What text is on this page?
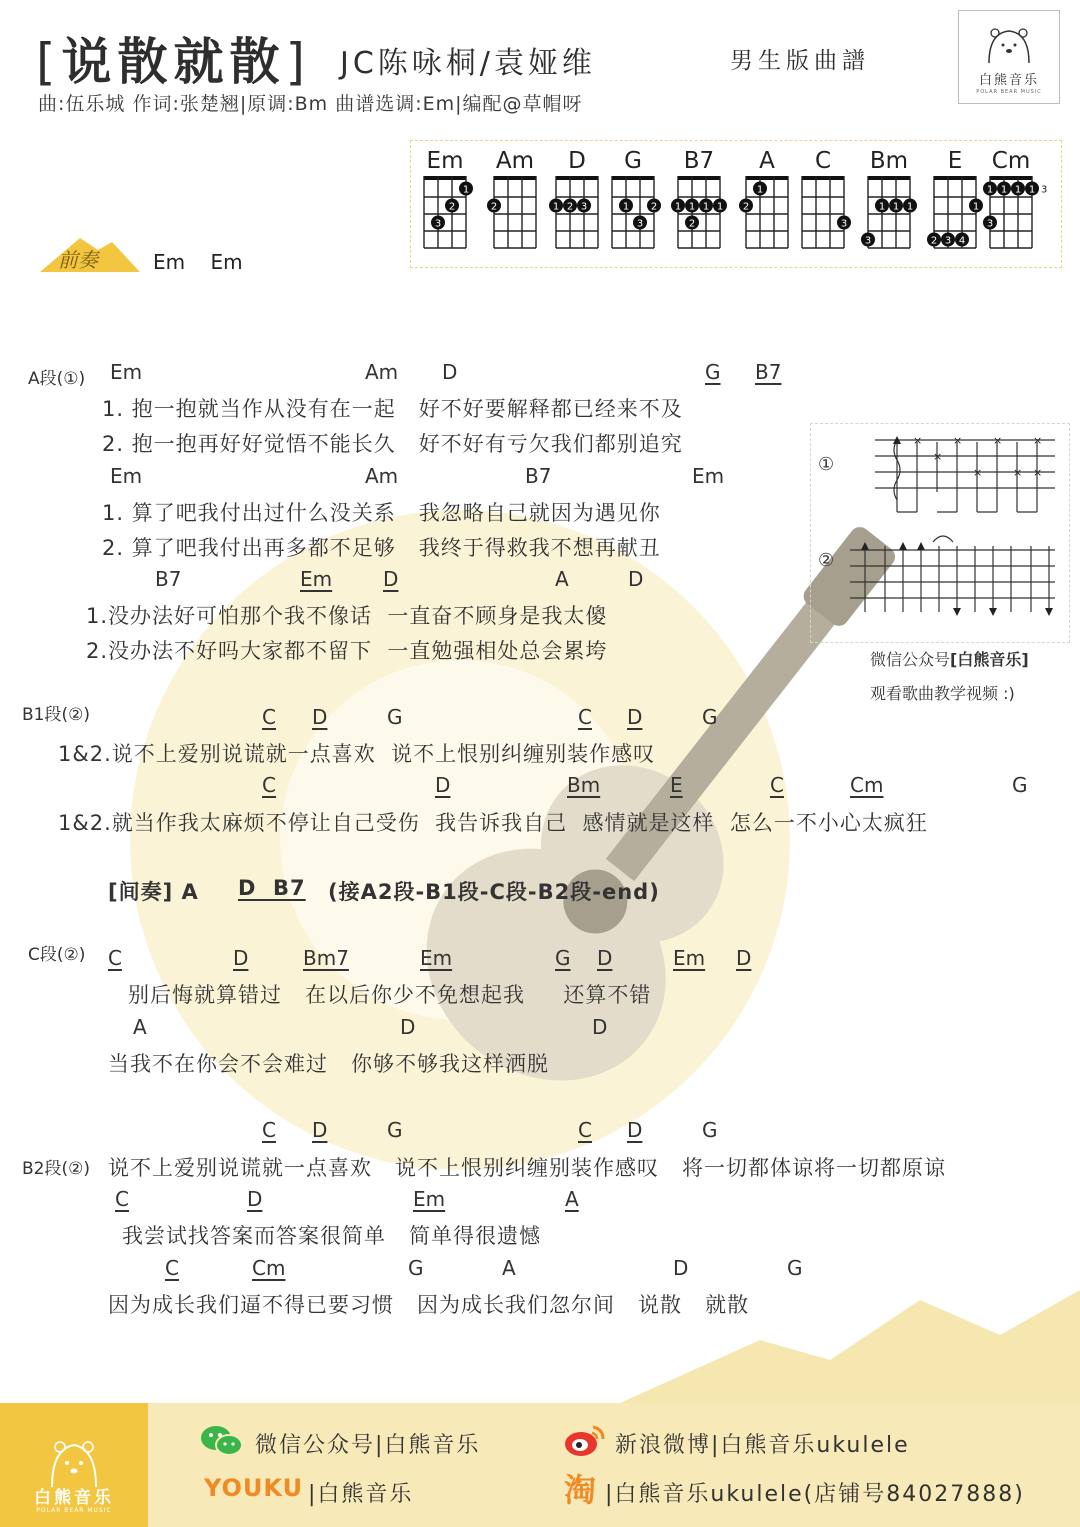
[说散就散] JC陈咏桐/袁娅维	男生版曲譜
曲:伍乐城 作词:张楚翘|原调:Bm 曲谱选调:Em|编配@草帽呀
白熊音乐
POLAR BEAR MUSIC
Em
1
2
3
Am
2
D
1 2 3
G
1 2
3
B7
1 1 1 1
2
A
1
2
C
3
Bm
1 1 1
3
E
1
2 3 4
Cm
1 1 1 1
3
3
前奏	Em    Em
A段(①) Em	Am D	G	B7
1. 抱一抱就当作从没有在一起   好不好要解释都已经来不及
2. 抱一抱再好好觉悟不能长久   好不好有亏欠我们都别追究
Em	Am	B7	Em
1. 算了吧我付出过什么没关系   我忽略自己就因为遇见你
2. 算了吧我付出再多都不足够   我终于得救我不想再献丑
B7	Em	D	A	D
1.没办法好可怕那个我不像话  一直奋不顾身是我太傻
2.没办法不好吗大家都不留下  一直勉强相处总会累垮
①
②
×
×
×
×
×
×
×
×
微信公众号[白熊音乐]
观看歌曲教学视频 :)
B1段(②)	C	D	G	C	D	G
1&2.说不上爱别说谎就一点喜欢  说不上恨别纠缠别装作感叹
C	D	Bm	E	C	Cm	G
1&2.就当作我太麻烦不停让自己受伤  我告诉我自己  感情就是这样  怎么一不小心太疯狂
[间奏] A D  B7 (接A2段-B1段-C段-B2段-end)
C段(②) C	D	Bm7	Em	G	D	Em	D
别后悔就算错过   在以后你少不免想起我     还算不错
A	D	D
当我不在你会不会难过   你够不够我这样洒脱
C	D	G	C	D	G
B2段(②) 说不上爱别说谎就一点喜欢   说不上恨别纠缠别装作感叹   将一切都体谅将一切都原谅
C	D	Em	A
我尝试找答案而答案很简单   简单得很遗憾
C	Cm	G	A	D	G
因为成长我们逼不得已要习惯   因为成长我们忽尔间   说散   就散
白熊音乐
POLAR BEAR MUSIC
微信公众号|白熊音乐	新浪微博|白熊音乐ukulele
YOUKU |白熊音乐	淘 |白熊音乐ukulele(店铺号84027888)
